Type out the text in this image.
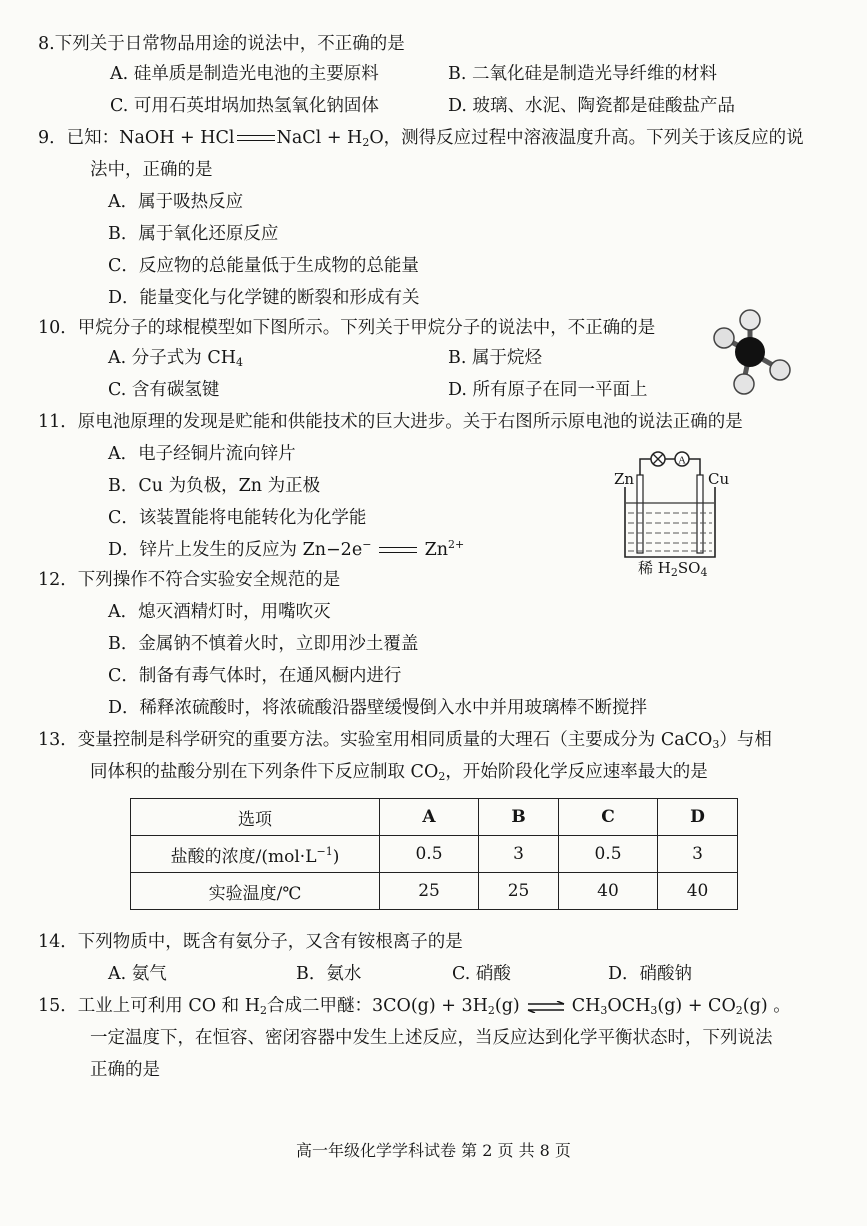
8.下列关于日常物品用途的说法中，不正确的是
A. 硅单质是制造光电池的主要原料	B. 二氧化硅是制造光导纤维的材料
C. 可用石英坩埚加热氢氧化钠固体	D. 玻璃、水泥、陶瓷都是硅酸盐产品
9．已知：NaOH + HCl NaCl + $H_2O$，测得反应过程中溶液温度升高。下列关于该反应的说
法中，正确的是
A．属于吸热反应
B．属于氧化还原反应
C．反应物的总能量低于生成物的总能量
D．能量变化与化学键的断裂和形成有关
10．甲烷分子的球棍模型如下图所示。下列关于甲烷分子的说法中，不正确的是
A. 分子式为 $CH_4$	B. 属于烷烃
C. 含有碳氢键	D. 所有原子在同一平面上
11．原电池原理的发现是贮能和供能技术的巨大进步。关于右图所示原电池的说法正确的是
A．电子经铜片流向锌片
B．Cu 为负极，Zn 为正极
C．该装置能将电能转化为化学能
D．锌片上发生的反应为 Zn−2e−	$Zn^{2+}$
A
Zn	Cu
稀 $H_2SO_4$
12．下列操作不符合实验安全规范的是
A．熄灭酒精灯时，用嘴吹灭
B．金属钠不慎着火时，立即用沙土覆盖
C．制备有毒气体时，在通风橱内进行
D．稀释浓硫酸时，将浓硫酸沿器壁缓慢倒入水中并用玻璃棒不断搅拌
13．变量控制是科学研究的重要方法。实验室用相同质量的大理石（主要成分为 CaCO$_3$）与相
同体积的盐酸分别在下列条件下反应制取 $CO_2$，开始阶段化学反应速率最大的是
选项	A	B	C	D
盐酸的浓度$/(mol\cdot L^{-1})$	0.5	3	0.5	3
实验温度/℃	25	25	40	40
14．下列物质中，既含有氨分子，又含有铵根离子的是
A. 氨气	B．氨水	C. 硝酸	D．硝酸钠
15．工业上可利用 CO 和 $H_2$合成二甲醚：$3CO(g) + 3H_2(g)$ ⇌ $CH_3OCH_3(g) + CO_2(g)$ 。
一定温度下，在恒容、密闭容器中发生上述反应，当反应达到化学平衡状态时，下列说法
正确的是
高一年级化学学科试卷 第 2 页 共 8 页
